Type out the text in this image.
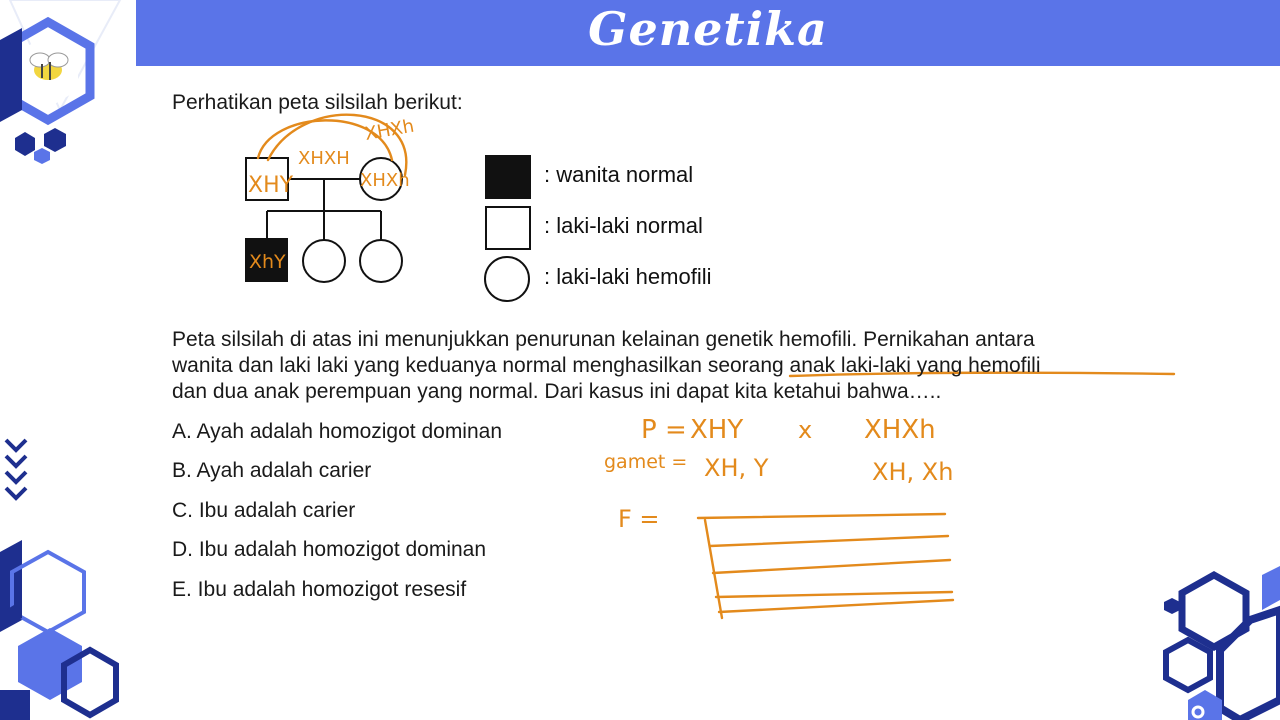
Genetika
Perhatikan peta silsilah berikut:
XHY
XHXH
XHXh
XHXh
XhY
P = XHY x XHXh
gamet = XH, Y	XH, Xh
F =
: wanita normal
: laki-laki normal
: laki-laki hemofili
Peta silsilah di atas ini menunjukkan penurunan kelainan genetik hemofili. Pernikahan antara
wanita dan laki laki yang keduanya normal menghasilkan seorang anak laki-laki yang hemofili
dan dua anak perempuan yang normal. Dari kasus ini dapat kita ketahui bahwa…..
A. Ayah adalah homozigot dominan
B. Ayah adalah carier
C. Ibu adalah carier
D. Ibu adalah homozigot dominan
E. Ibu adalah homozigot resesif
